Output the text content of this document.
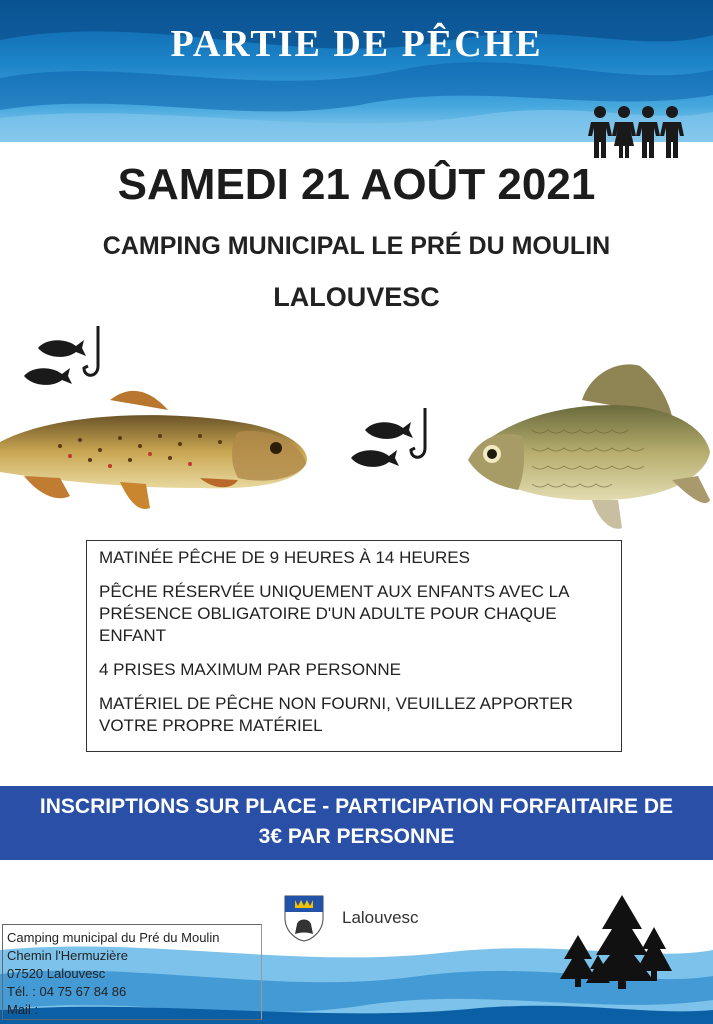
PARTIE DE PÊCHE
SAMEDI 21 AOÛT 2021
CAMPING MUNICIPAL LE PRÉ DU MOULIN
LALOUVESC

MATINÉE PÊCHE DE 9 HEURES À 14 HEURES

PÊCHE RÉSERVÉE UNIQUEMENT AUX ENFANTS AVEC LA PRÉSENCE OBLIGATOIRE D'UN ADULTE POUR CHAQUE ENFANT

4 PRISES MAXIMUM PAR PERSONNE

MATÉRIEL DE PÊCHE NON FOURNI, VEUILLEZ APPORTER VOTRE PROPRE MATÉRIEL

INSCRIPTIONS SUR PLACE - PARTICIPATION FORFAITAIRE DE
3€ PAR PERSONNE
Camping municipal du Pré du Moulin
Chemin l'Hermuzière
07520 Lalouvesc
Tél. : 04 75 67 84 86
Mail :
Lalouvesc
